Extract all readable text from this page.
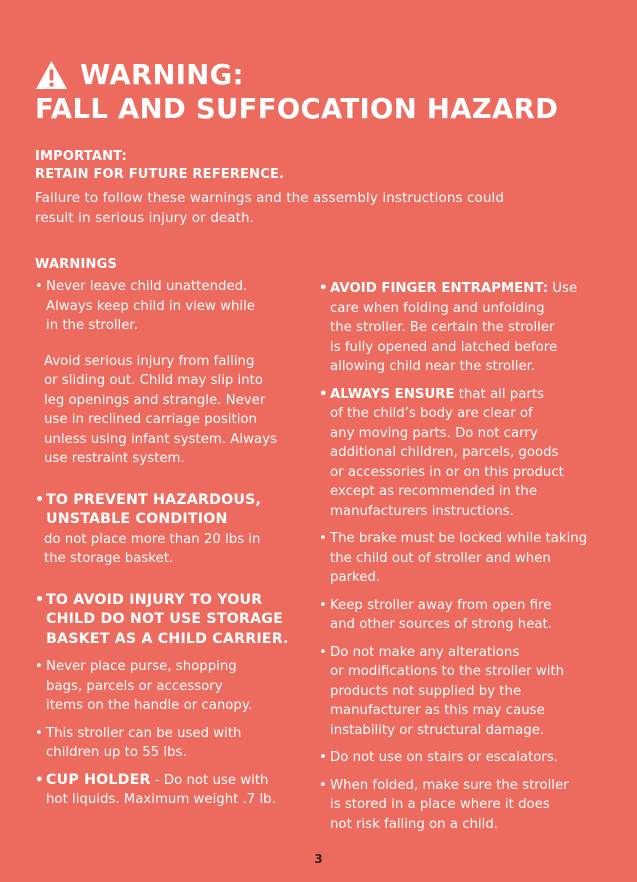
WARNING:
FALL AND SUFFOCATION HAZARD
IMPORTANT:
RETAIN FOR FUTURE REFERENCE.
Failure to follow these warnings and the assembly instructions could
result in serious injury or death.
WARNINGS
• Never leave child unattended.
Always keep child in view while
in the stroller.
Avoid serious injury from falling
or sliding out. Child may slip into
leg openings and strangle. Never
use in reclined carriage position
unless using infant system. Always
use restraint system.
• TO PREVENT HAZARDOUS,
UNSTABLE CONDITION
do not place more than 20 lbs in
the storage basket.
• TO AVOID INJURY TO YOUR
CHILD DO NOT USE STORAGE
BASKET AS A CHILD CARRIER.
• Never place purse, shopping
bags, parcels or accessory
items on the handle or canopy.
• This stroller can be used with
children up to 55 lbs.
• CUP HOLDER - Do not use with
hot liquids. Maximum weight .7 lb.
• AVOID FINGER ENTRAPMENT: Use
care when folding and unfolding
the stroller. Be certain the stroller
is fully opened and latched before
allowing child near the stroller.
• ALWAYS ENSURE that all parts
of the child’s body are clear of
any moving parts. Do not carry
additional children, parcels, goods
or accessories in or on this product
except as recommended in the
manufacturers instructions.
• The brake must be locked while taking
the child out of stroller and when
parked.
• Keep stroller away from open fire
and other sources of strong heat.
• Do not make any alterations
or modifications to the stroller with
products not supplied by the
manufacturer as this may cause
instability or structural damage.
• Do not use on stairs or escalators.
• When folded, make sure the stroller
is stored in a place where it does
not risk falling on a child.
3
